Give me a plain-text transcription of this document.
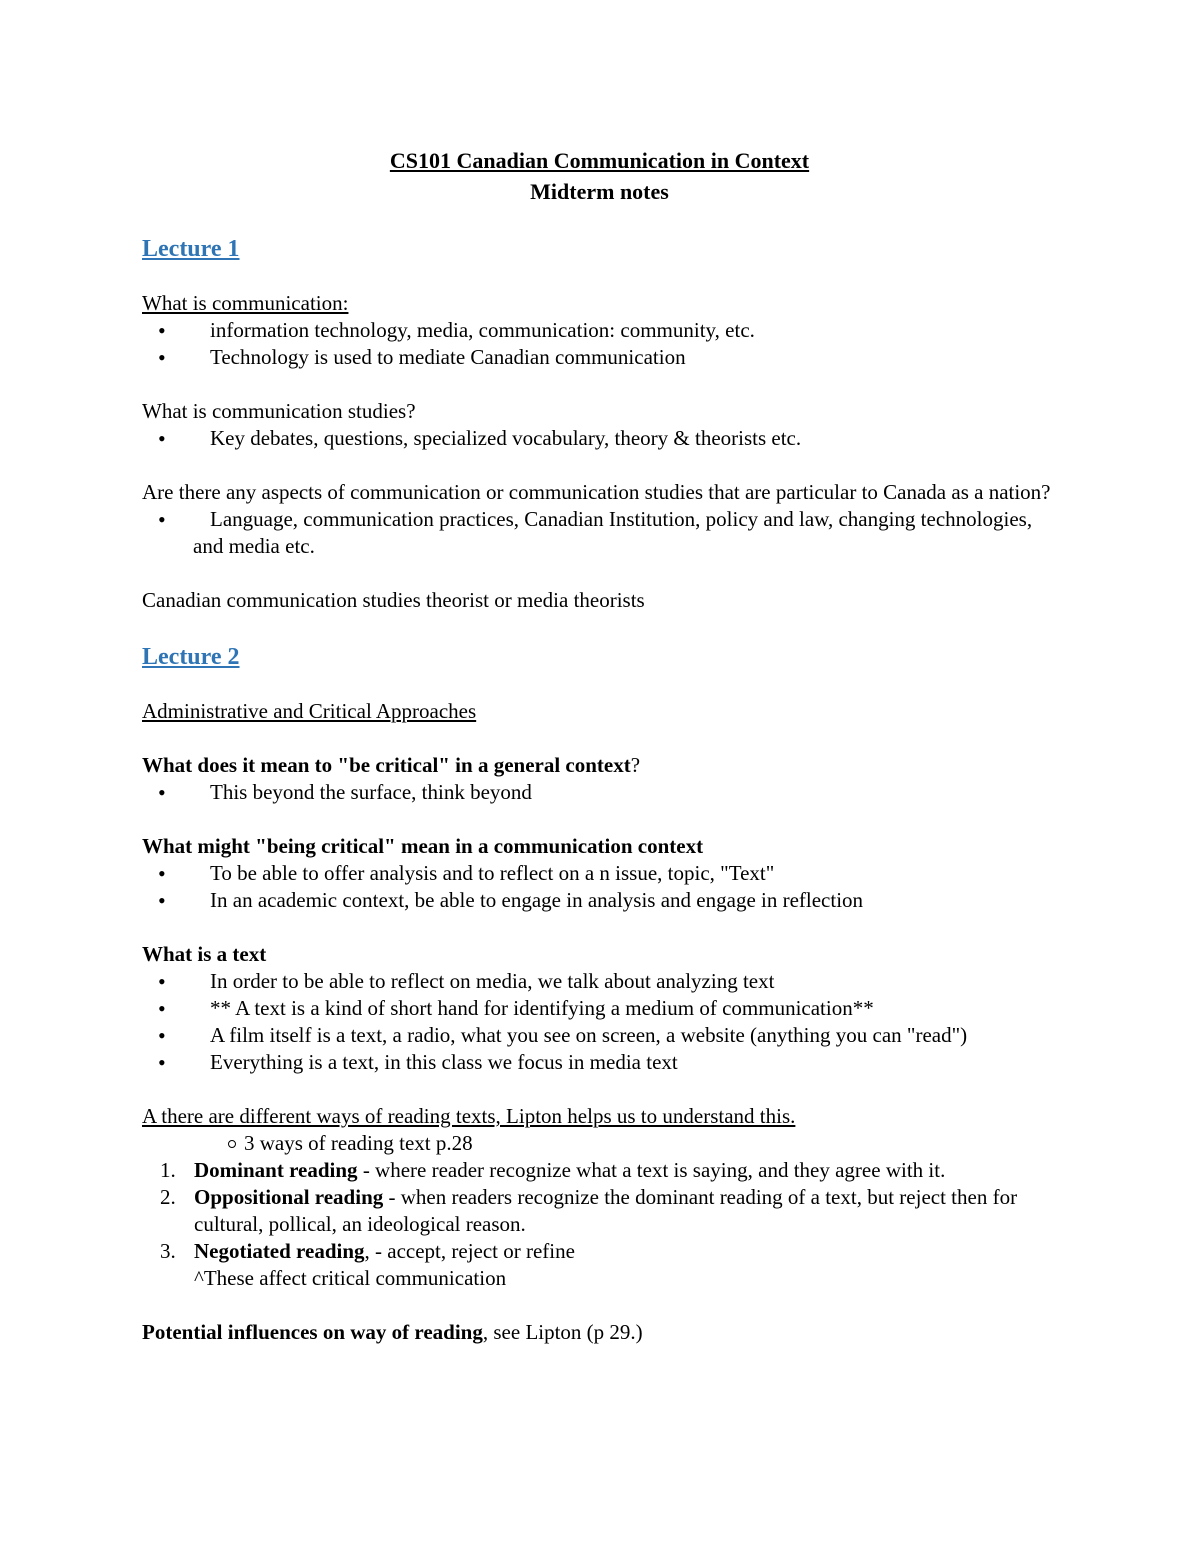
CS101 Canadian Communication in Context
Midterm notes
Lecture 1

What is communication:

• information technology, media, communication: community, etc.
• Technology is used to mediate Canadian communication

What is communication studies?

• Key debates, questions, specialized vocabulary, theory & theorists etc.

Are there any aspects of communication or communication studies that are particular to Canada as a nation?

• Language, communication practices, Canadian Institution, policy and law, changing technologies, and media etc.

Canadian communication studies theorist or media theorists

Lecture 2

Administrative and Critical Approaches

What does it mean to "be critical" in a general context?

• This beyond the surface, think beyond

What might "being critical" mean in a communication context

• To be able to offer analysis and to reflect on a n issue, topic, "Text"
• In an academic context, be able to engage in analysis and engage in reflection

What is a text

• In order to be able to reflect on media, we talk about analyzing text
• ** A text is a kind of short hand for identifying a medium of communication**
• A film itself is a text, a radio, what you see on screen, a website (anything you can "read")
• Everything is a text, in this class we focus in media text

A there are different ways of reading texts, Lipton helps us to understand this.

3 ways of reading text p.28

1. Dominant reading - where reader recognize what a text is saying, and they agree with it.
2. Oppositional reading - when readers recognize the dominant reading of a text, but reject then for cultural, pollical, an ideological reason.
3. Negotiated reading, - accept, reject or refine

^These affect critical communication

Potential influences on way of reading, see Lipton (p 29.)
